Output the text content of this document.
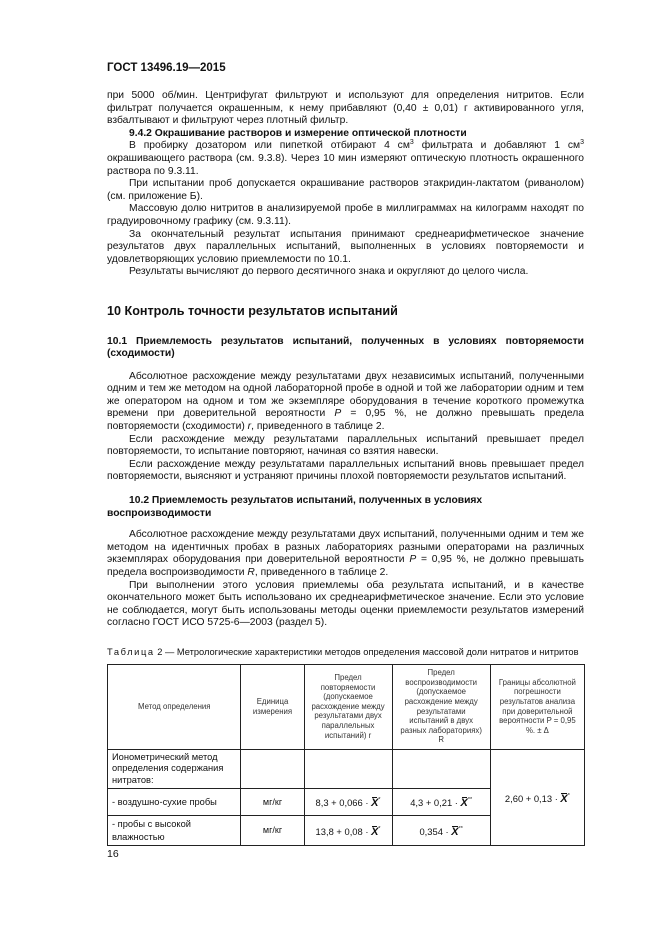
ГОСТ 13496.19—2015

при 5000 об/мин. Центрифугат фильтруют и используют для определения нитритов. Если фильтрат получается окрашенным, к нему прибавляют (0,40 ± 0,01) г активированного угля, взбалтывают и фильтруют через плотный фильтр.

9.4.2 Окрашивание растворов и измерение оптической плотности

В пробирку дозатором или пипеткой отбирают 4 $см^3$ фильтрата и добавляют 1 $см^3$ окрашивающего раствора (см. 9.3.8). Через 10 мин измеряют оптическую плотность окрашенного раствора по 9.3.11.

При испытании проб допускается окрашивание растворов этакридин-лактатом (риванолом) (см. приложение Б).

Массовую долю нитритов в анализируемой пробе в миллиграммах на килограмм находят по градуировочному графику (см. 9.3.11).

За окончательный результат испытания принимают среднеарифметическое значение результатов двух параллельных испытаний, выполненных в условиях повторяемости и удовлетворяющих условию приемлемости по 10.1.

Результаты вычисляют до первого десятичного знака и округляют до целого числа.

10 Контроль точности результатов испытаний

10.1 Приемлемость результатов испытаний, полученных в условиях повторяемости (сходимости)

Абсолютное расхождение между результатами двух независимых испытаний, полученными одним и тем же методом на одной лабораторной пробе в одной и той же лаборатории одним и тем же оператором на одном и том же экземпляре оборудования в течение короткого промежутка времени при доверительной вероятности P = 0,95 %, не должно превышать предела повторяемости (сходимости) r, приведенного в таблице 2.

Если расхождение между результатами параллельных испытаний превышает предел повторяемости, то испытание повторяют, начиная со взятия навески.

Если расхождение между результатами параллельных испытаний вновь превышает предел повторяемости, выясняют и устраняют причины плохой повторяемости результатов испытаний.

10.2 Приемлемость результатов испытаний, полученных в условиях воспроизводимости

Абсолютное расхождение между результатами двух испытаний, полученными одним и тем же методом на идентичных пробах в разных лабораториях разными операторами на различных экземплярах оборудования при доверительной вероятности P = 0,95 %, не должно превышать предела воспроизводимости R, приведенного в таблице 2.

При выполнении этого условия приемлемы оба результата испытаний, и в качестве окончательного может быть использовано их среднеарифметическое значение. Если это условие не соблюдается, могут быть использованы методы оценки приемлемости результатов измерений согласно ГОСТ ИСО 5725-6—2003 (раздел 5).

Таблица 2 — Метрологические характеристики методов определения массовой доли нитратов и нитритов
Метод определения	Единица измерения	Предел повторяемости (допускаемое расхождение между результатами двух параллельных испытаний) r	Предел воспроизводимости (допускаемое расхождение между результатами испытаний в двух разных лабораториях) R	Границы абсолютной погрешности результатов анализа при доверительной вероятности P = 0,95 %. ± Δ
Ионометрический метод определения содержания нитратов:				2,60 + 0,13 · X*
- воздушно-сухие пробы	мг/кг	8,3 + 0,066 · X*	4,3 + 0,21 · X**
- пробы с высокой влажностью	мг/кг	13,8 + 0,08 · X*	0,354 · X**
16
